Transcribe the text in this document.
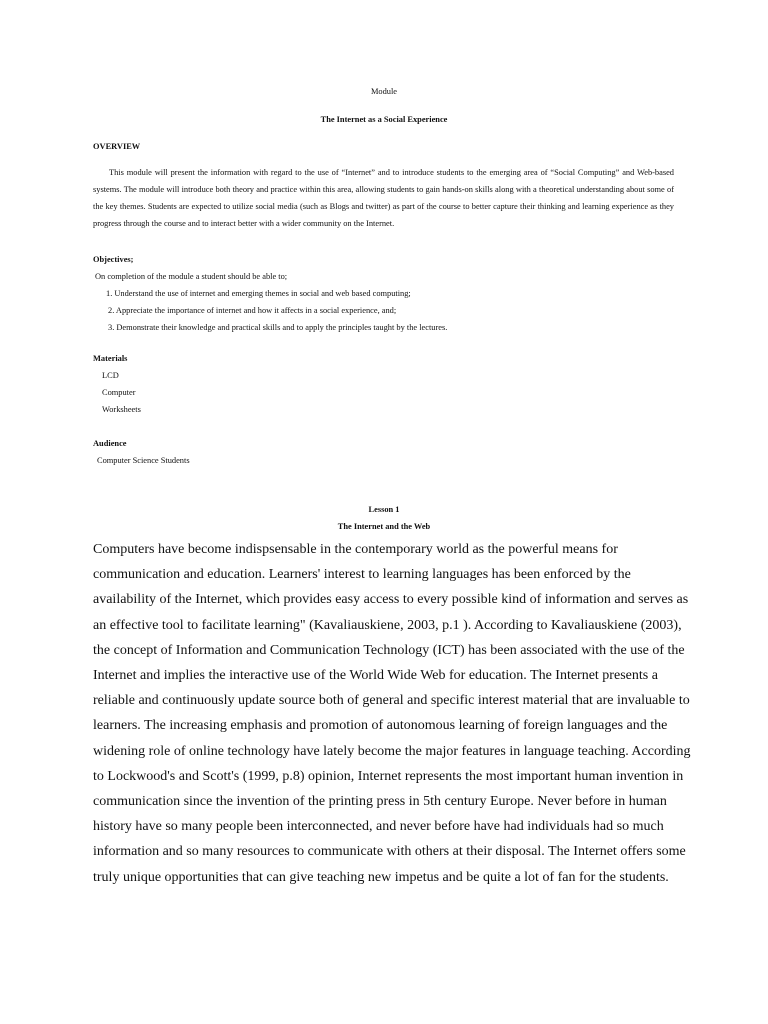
Module
The Internet as a Social Experience
OVERVIEW
This module will present the information with regard to the use of “Internet” and to introduce students to the emerging area of “Social Computing” and Web-based systems. The module will introduce both theory and practice within this area, allowing students to gain hands-on skills along with a theoretical understanding about some of the key themes. Students are expected to utilize social media (such as Blogs and twitter) as part of the course to better capture their thinking and learning experience as they progress through the course and to interact better with a wider community on the Internet.
Objectives;
On completion of the module a student should be able to;
1. Understand the use of internet and emerging themes in social and web based computing;
2. Appreciate the importance of internet and how it affects in a social experience, and;
3. Demonstrate their knowledge and practical skills and to apply the principles taught by the lectures.
Materials
LCD
Computer
Worksheets
Audience
Computer Science Students
Lesson 1
The Internet and the Web

Computers have become indispsensable in the contemporary world as the powerful means for communication and education. Learners' interest to learning languages has been enforced by the availability of the Internet, which provides easy access to every possible kind of information and serves as an effective tool to facilitate learning" (Kavaliauskiene, 2003, p.1 ). According to Kavaliauskiene (2003), the concept of Information and Communication Technology (ICT) has been associated with the use of the Internet and implies the interactive use of the World Wide Web for education. The Internet presents a reliable and continuously update source both of general and specific interest material that are invaluable to learners. The increasing emphasis and promotion of autonomous learning of foreign languages and the widening role of online technology have lately become the major features in language teaching. According to Lockwood's and Scott's (1999, p.8) opinion, Internet represents the most important human invention in communication since the invention of the printing press in 5th century Europe. Never before in human history have so many people been interconnected, and never before have had individuals had so much information and so many resources to communicate with others at their disposal. The Internet offers some truly unique opportunities that can give teaching new impetus and be quite a lot of fan for the students.
